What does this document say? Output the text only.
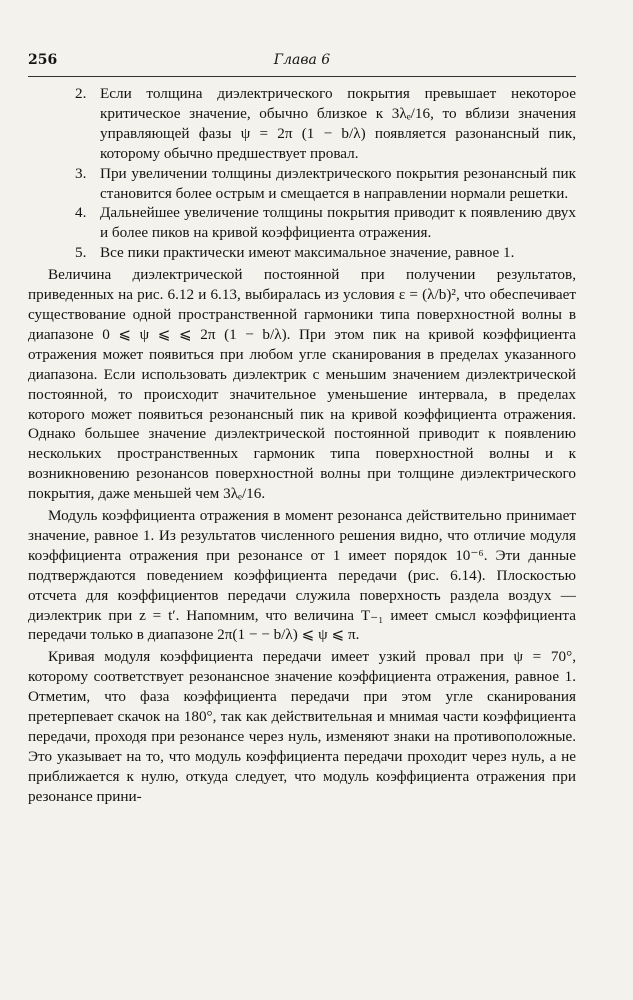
256	Глава 6
2. Если толщина диэлектрического покрытия превышает некоторое критическое значение, обычно близкое к 3λₑ/16, то вблизи значения управляющей фазы ψ = 2π (1 − b/λ) появляется разонансный пик, которому обычно предшествует провал.
3. При увеличении толщины диэлектрического покрытия резонансный пик становится более острым и смещается в направлении нормали решетки.
4. Дальнейшее увеличение толщины покрытия приводит к появлению двух и более пиков на кривой коэффициента отражения.
5. Все пики практически имеют максимальное значение, равное 1.

Величина диэлектрической постоянной при получении результатов, приведенных на рис. 6.12 и 6.13, выбиралась из условия ε = (λ/b)², что обеспечивает существование одной пространственной гармоники типа поверхностной волны в диапазоне 0 ⩽ ψ ⩽ ⩽ 2π (1 − b/λ). При этом пик на кривой коэффициента отражения может появиться при любом угле сканирования в пределах указанного диапазона. Если использовать диэлектрик с меньшим значением диэлектрической постоянной, то происходит значительное уменьшение интервала, в пределах которого может появиться резонансный пик на кривой коэффициента отражения. Однако большее значение диэлектрической постоянной приводит к появлению нескольких пространственных гармоник типа поверхностной волны и к возникновению резонансов поверхностной волны при толщине диэлектрического покрытия, даже меньшей чем 3λₑ/16.

Модуль коэффициента отражения в момент резонанса действительно принимает значение, равное 1. Из результатов численного решения видно, что отличие модуля коэффициента отражения при резонансе от 1 имеет порядок 10⁻⁶. Эти данные подтверждаются поведением коэффициента передачи (рис. 6.14). Плоскостью отсчета для коэффициентов передачи служила поверхность раздела воздух — диэлектрик при z = t′. Напомним, что величина T₋₁ имеет смысл коэффициента передачи только в диапазоне 2π(1 − − b/λ) ⩽ ψ ⩽ π.

Кривая модуля коэффициента передачи имеет узкий провал при ψ = 70°, которому соответствует резонансное значение коэффициента отражения, равное 1. Отметим, что фаза коэффициента передачи при этом угле сканирования претерпевает скачок на 180°, так как действительная и мнимая части коэффициента передачи, проходя при резонансе через нуль, изменяют знаки на противоположные. Это указывает на то, что модуль коэффициента передачи проходит через нуль, а не приближается к нулю, откуда следует, что модуль коэффициента отражения при резонансе прини-
